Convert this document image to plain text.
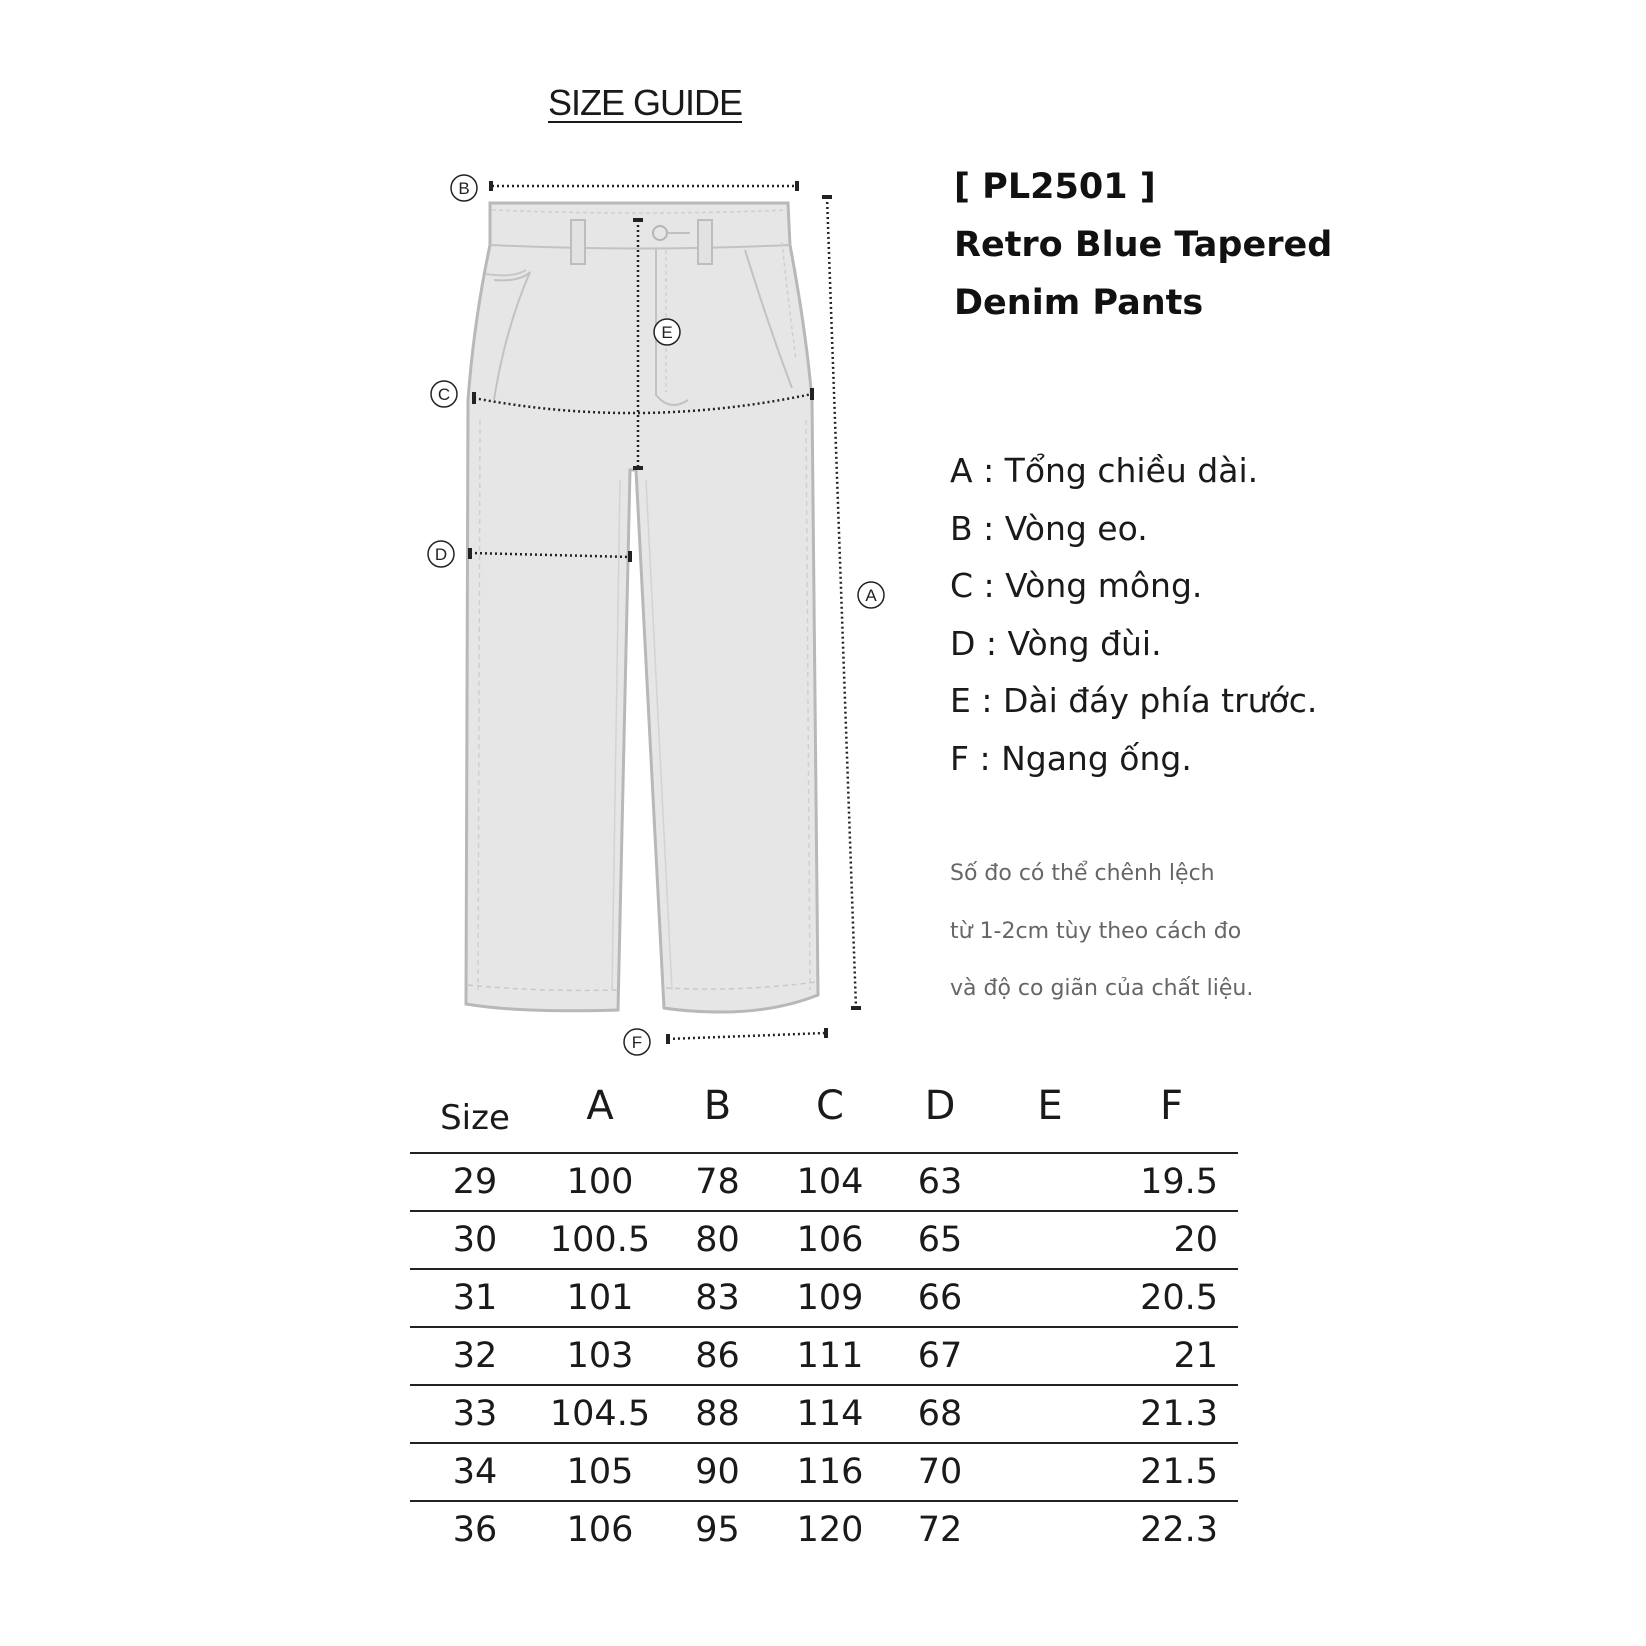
SIZE GUIDE
B
E
C
D
A
F
[ PL2501 ]
Retro Blue Tapered
Denim Pants
A : Tổng chiều dài.
B : Vòng eo.
C : Vòng mông.
D : Vòng đùi.
E : Dài đáy phía trước.
F : Ngang ống.
Số đo có thể chênh lệch
từ 1-2cm tùy theo cách đo
và độ co giãn của chất liệu.
Size	A	B	C	D	E	F
29	100	78	104	63		19.5
30	100.5	80	106	65		20
31	101	83	109	66		20.5
32	103	86	111	67		21
33	104.5	88	114	68		21.3
34	105	90	116	70		21.5
36	106	95	120	72		22.3
